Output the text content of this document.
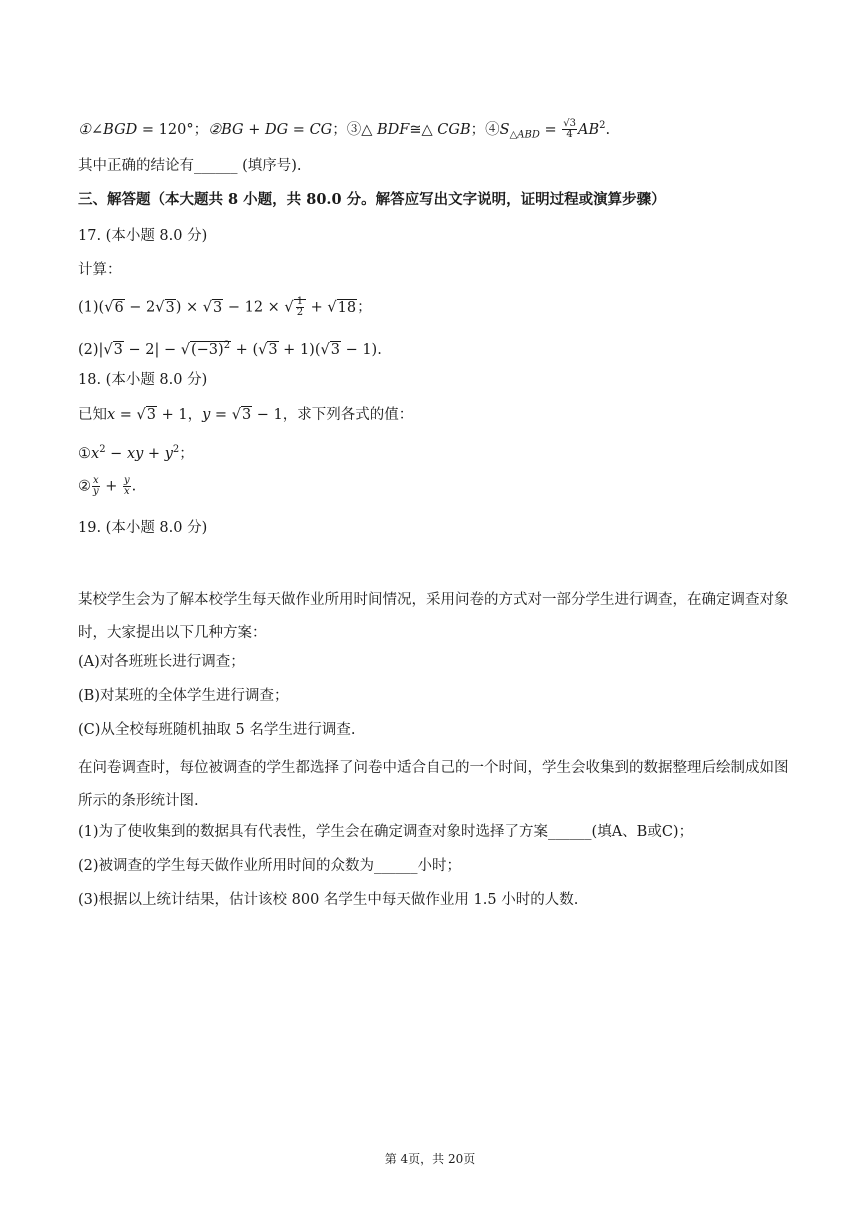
①∠BGD = 120°；②BG + DG = CG；③△ BDF≅△ CGB；$④S_{\triangle ABD} = \frac{√3}{4} AB^2$.
其中正确的结论有______ (填序号).
三、解答题（本大题共 8 小题，共 80.0 分。解答应写出文字说明，证明过程或演算步骤）
17. (本小题 8.0 分)
计算：
(1)(√6 − 2√3) × √3 − 12 × √ $\frac{1}{2} + √18$；
$(2)|√3 - 2| - √(-3)^2 + (√3 + 1)(√3 - 1)$.
18. (本小题 8.0 分)
已知x = √3 + 1，y = √3 − 1，求下列各式的值：
$①x^2$ − xy + $y^2$；
② $\frac{x}{y} + \frac{y}{x}$ .
19. (本小题 8.0 分)
某校学生会为了解本校学生每天做作业所用时间情况，采用问卷的方式对一部分学生进行调查，在确定调查对象时，大家提出以下几种方案：
(A)对各班班长进行调查；
(B)对某班的全体学生进行调查；
(C)从全校每班随机抽取 5 名学生进行调查.
在问卷调查时，每位被调查的学生都选择了问卷中适合自己的一个时间，学生会收集到的数据整理后绘制成如图所示的条形统计图.
(1)为了使收集到的数据具有代表性，学生会在确定调查对象时选择了方案______(填A、B或C)；
(2)被调查的学生每天做作业所用时间的众数为______小时；
(3)根据以上统计结果，估计该校 800 名学生中每天做作业用 1.5 小时的人数.
第 4页，共 20页
